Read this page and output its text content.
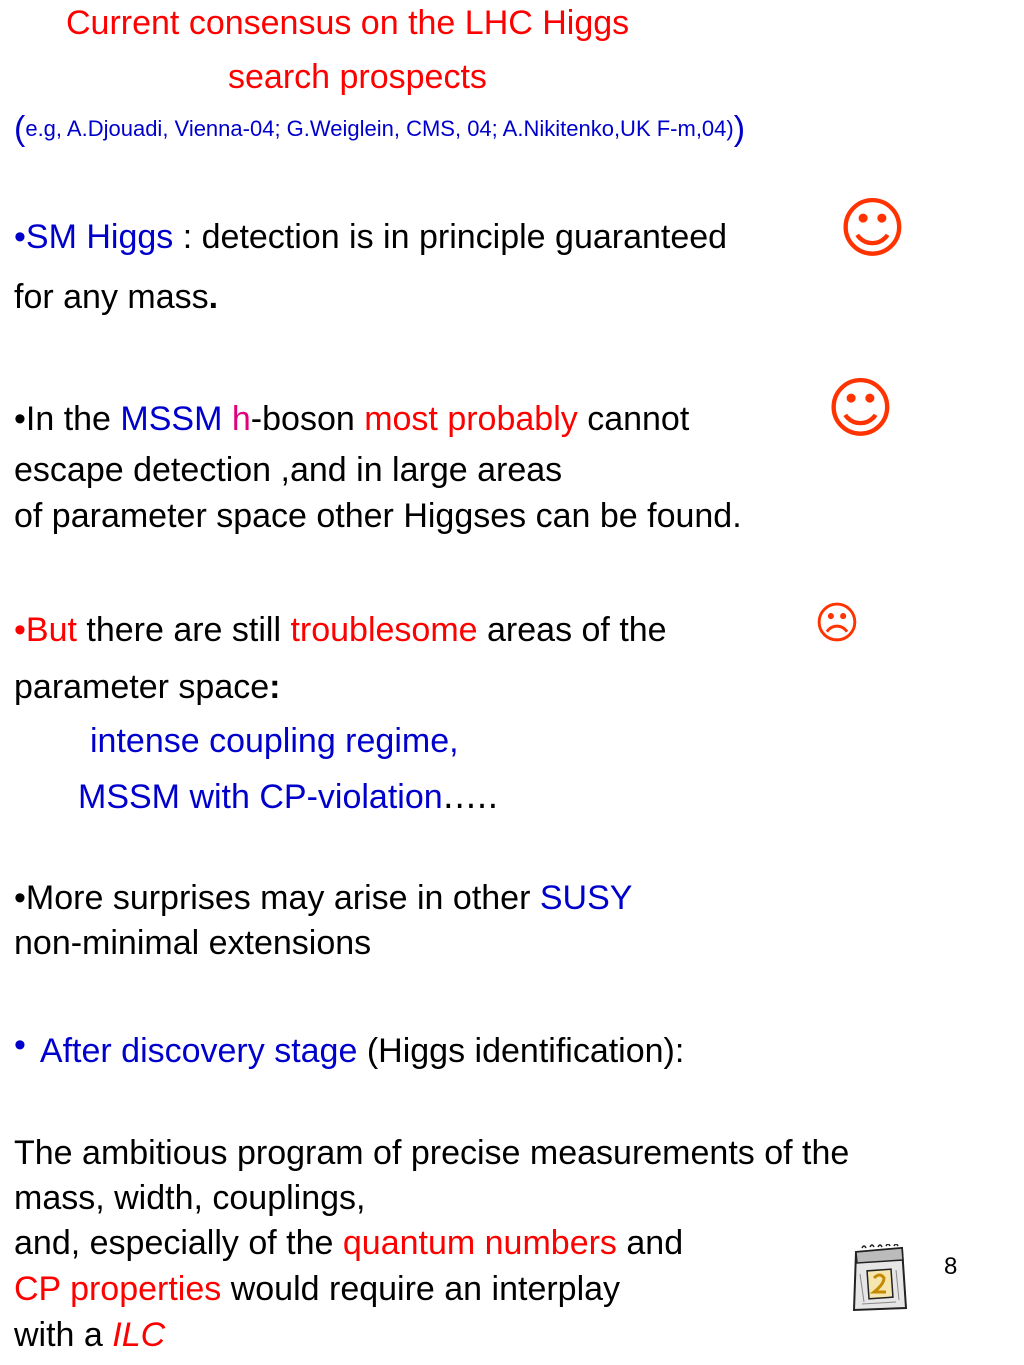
Current consensus on the LHC Higgs
search prospects
(e.g, A.Djouadi, Vienna-04; G.Weiglein, CMS, 04; A.Nikitenko,UK F-m,04))
•SM Higgs : detection is in principle guaranteed
for any mass.
☺
•In the MSSM h-boson most probably cannot
escape detection ,and in large areas
of parameter space other Higgses can be found.
☺
•But there are still troublesome areas of the
parameter space:
intense coupling regime,
MSSM with CP-violation…..
☹
•More surprises may arise in other SUSY
non-minimal extensions
• After discovery stage (Higgs identification):
The ambitious program of precise measurements of the
mass, width, couplings,
and, especially of the quantum numbers and
CP properties would require an interplay
with a ILC
8
